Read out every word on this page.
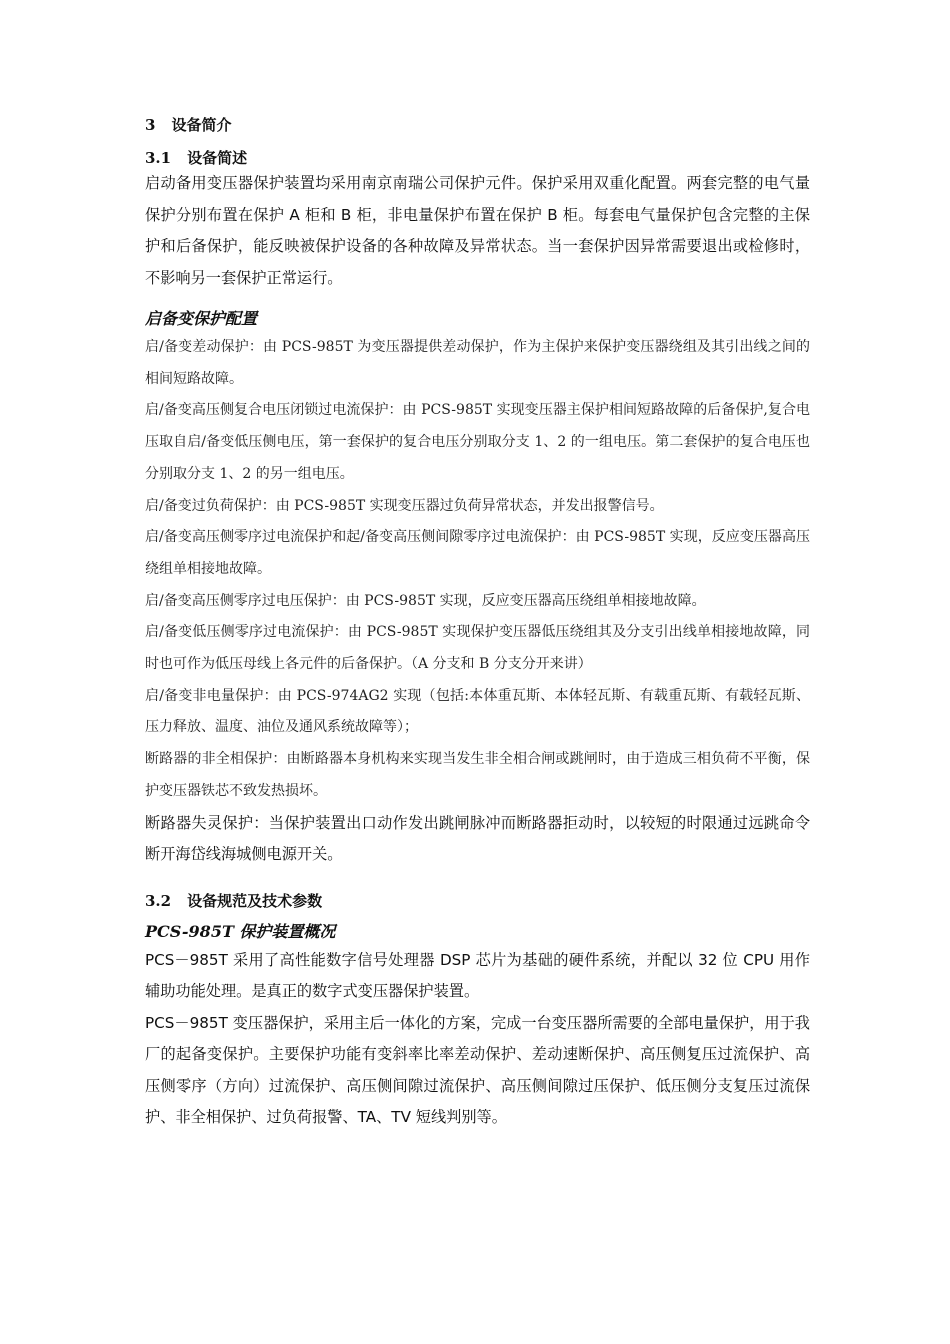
3 设备简介
3.1 设备简述

启动备用变压器保护装置均采用南京南瑞公司保护元件。保护采用双重化配置。两套完整的电气量保护分别布置在保护 A 柜和 B 柜，非电量保护布置在保护 B 柜。每套电气量保护包含完整的主保护和后备保护，能反映被保护设备的各种故障及异常状态。当一套保护因异常需要退出或检修时，不影响另一套保护正常运行。

启备变保护配置

启/备变差动保护：由 PCS-985T 为变压器提供差动保护，作为主保护来保护变压器绕组及其引出线之间的相间短路故障。

启/备变高压侧复合电压闭锁过电流保护：由 PCS-985T 实现变压器主保护相间短路故障的后备保护,复合电压取自启/备变低压侧电压，第一套保护的复合电压分别取分支 1、2 的一组电压。第二套保护的复合电压也分别取分支 1、2 的另一组电压。

启/备变过负荷保护：由 PCS-985T 实现变压器过负荷异常状态，并发出报警信号。

启/备变高压侧零序过电流保护和起/备变高压侧间隙零序过电流保护：由 PCS-985T 实现，反应变压器高压绕组单相接地故障。

启/备变高压侧零序过电压保护：由 PCS-985T 实现，反应变压器高压绕组单相接地故障。

启/备变低压侧零序过电流保护：由 PCS-985T 实现保护变压器低压绕组其及分支引出线单相接地故障，同时也可作为低压母线上各元件的后备保护。（A 分支和 B 分支分开来讲）

启/备变非电量保护：由 PCS-974AG2 实现（包括:本体重瓦斯、本体轻瓦斯、有载重瓦斯、有载轻瓦斯、压力释放、温度、油位及通风系统故障等）；

断路器的非全相保护：由断路器本身机构来实现当发生非全相合闸或跳闸时，由于造成三相负荷不平衡，保护变压器铁芯不致发热损坏。

断路器失灵保护：当保护装置出口动作发出跳闸脉冲而断路器拒动时，以较短的时限通过远跳命令断开海岱线海城侧电源开关。

3.2 设备规范及技术参数

PCS-985T 保护装置概况

PCS－985T 采用了高性能数字信号处理器 DSP 芯片为基础的硬件系统，并配以 32 位 CPU 用作辅助功能处理。是真正的数字式变压器保护装置。

PCS－985T 变压器保护，采用主后一体化的方案，完成一台变压器所需要的全部电量保护，用于我厂的起备变保护。主要保护功能有变斜率比率差动保护、差动速断保护、高压侧复压过流保护、高压侧零序（方向）过流保护、高压侧间隙过流保护、高压侧间隙过压保护、低压侧分支复压过流保护、非全相保护、过负荷报警、TA、TV 短线判别等。
